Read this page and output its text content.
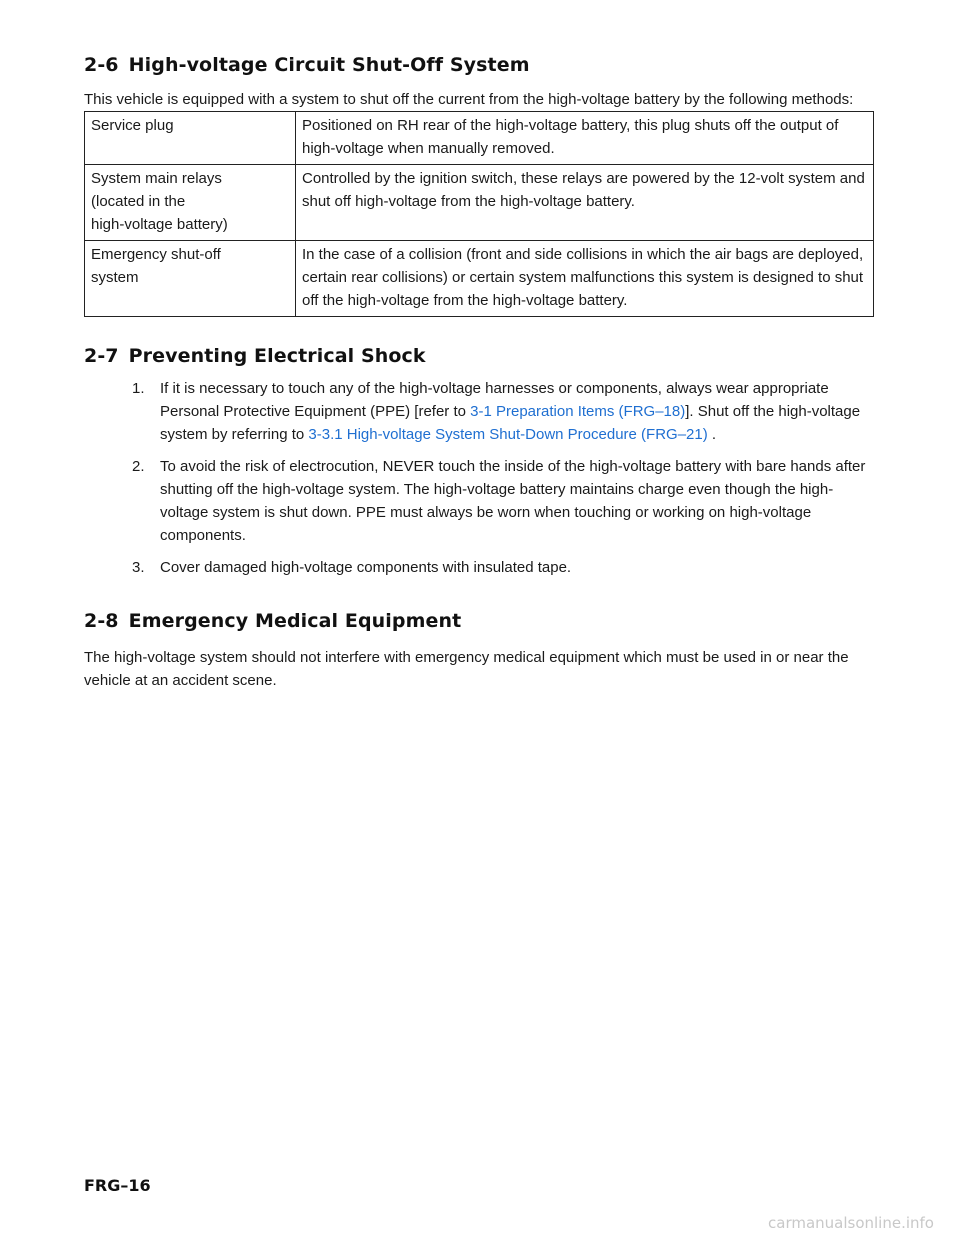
2-6 High-voltage Circuit Shut-Off System

This vehicle is equipped with a system to shut off the current from the high-voltage battery by the following methods:

Service plug	Positioned on RH rear of the high-voltage battery, this plug shuts off the output of high-voltage when manually removed.

System main relays
(located in the
high-voltage battery)	Controlled by the ignition switch, these relays are powered by the 12-volt system and shut off high-voltage from the high-voltage battery.

Emergency shut-off
system	In the case of a collision (front and side collisions in which the air bags are deployed, certain rear collisions) or certain system malfunctions this system is designed to shut off the high-voltage from the high-voltage battery.
2-7 Preventing Electrical Shock
1. If it is necessary to touch any of the high-voltage harnesses or components, always wear appropriate Personal Protective Equipment (PPE) [refer to 3-1 Preparation Items (FRG–18)]. Shut off the high-voltage system by referring to 3-3.1 High-voltage System Shut-Down Procedure (FRG–21) .
2. To avoid the risk of electrocution, NEVER touch the inside of the high-voltage battery with bare hands after shutting off the high-voltage system. The high-voltage battery maintains charge even though the high-voltage system is shut down. PPE must always be worn when touching or working on high-voltage components.
3. Cover damaged high-voltage components with insulated tape.
2-8 Emergency Medical Equipment

The high-voltage system should not interfere with emergency medical equipment which must be used in or near the vehicle at an accident scene.

FRG–16
carmanualsonline.info
